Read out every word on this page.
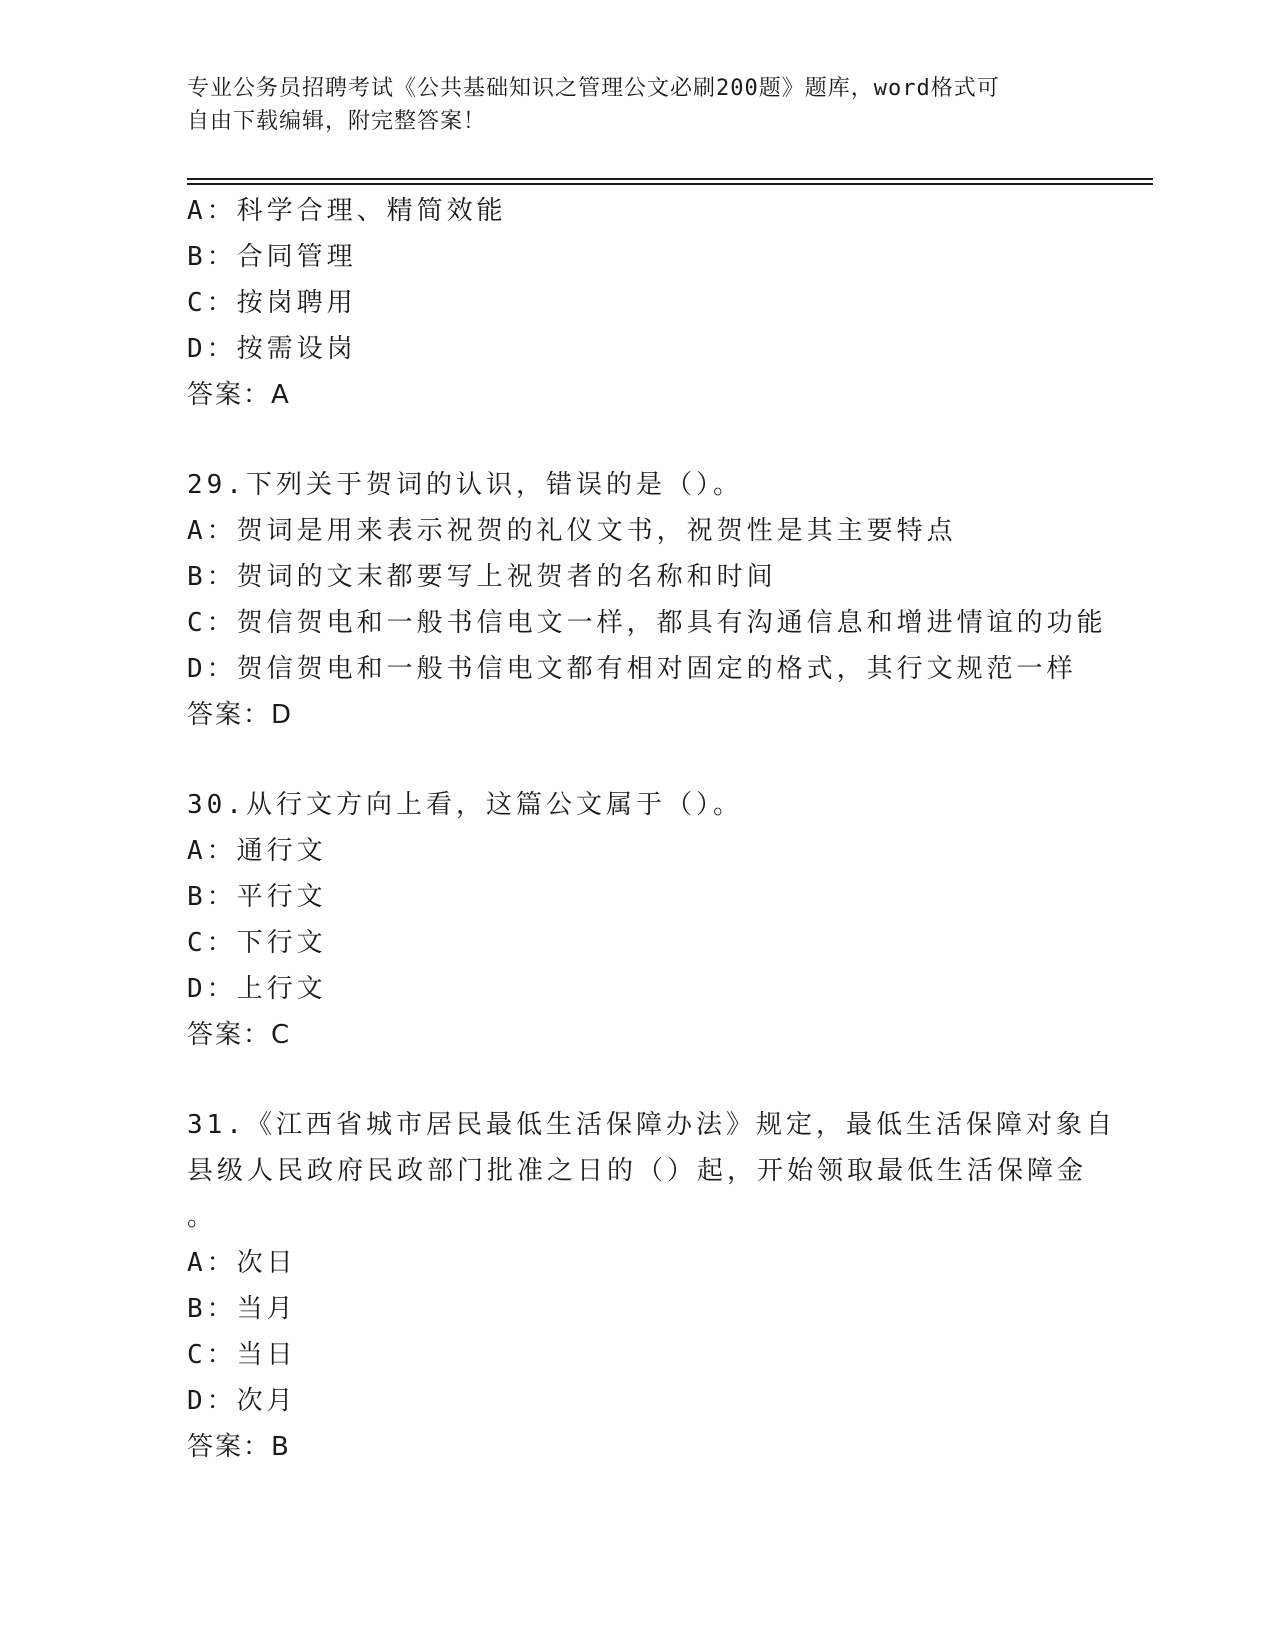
专业公务员招聘考试《公共基础知识之管理公文必刷200题》题库，word格式可
自由下载编辑，附完整答案！
A：科学合理、精简效能
B：合同管理
C：按岗聘用
D：按需设岗
答案：A
29.下列关于贺词的认识，错误的是（）。
A：贺词是用来表示祝贺的礼仪文书，祝贺性是其主要特点
B：贺词的文末都要写上祝贺者的名称和时间
C：贺信贺电和一般书信电文一样，都具有沟通信息和增进情谊的功能
D：贺信贺电和一般书信电文都有相对固定的格式，其行文规范一样
答案：D
30.从行文方向上看，这篇公文属于（）。
A：通行文
B：平行文
C：下行文
D：上行文
答案：C
31.《江西省城市居民最低生活保障办法》规定，最低生活保障对象自
县级人民政府民政部门批准之日的（）起，开始领取最低生活保障金
。
A：次日
B：当月
C：当日
D：次月
答案：B
